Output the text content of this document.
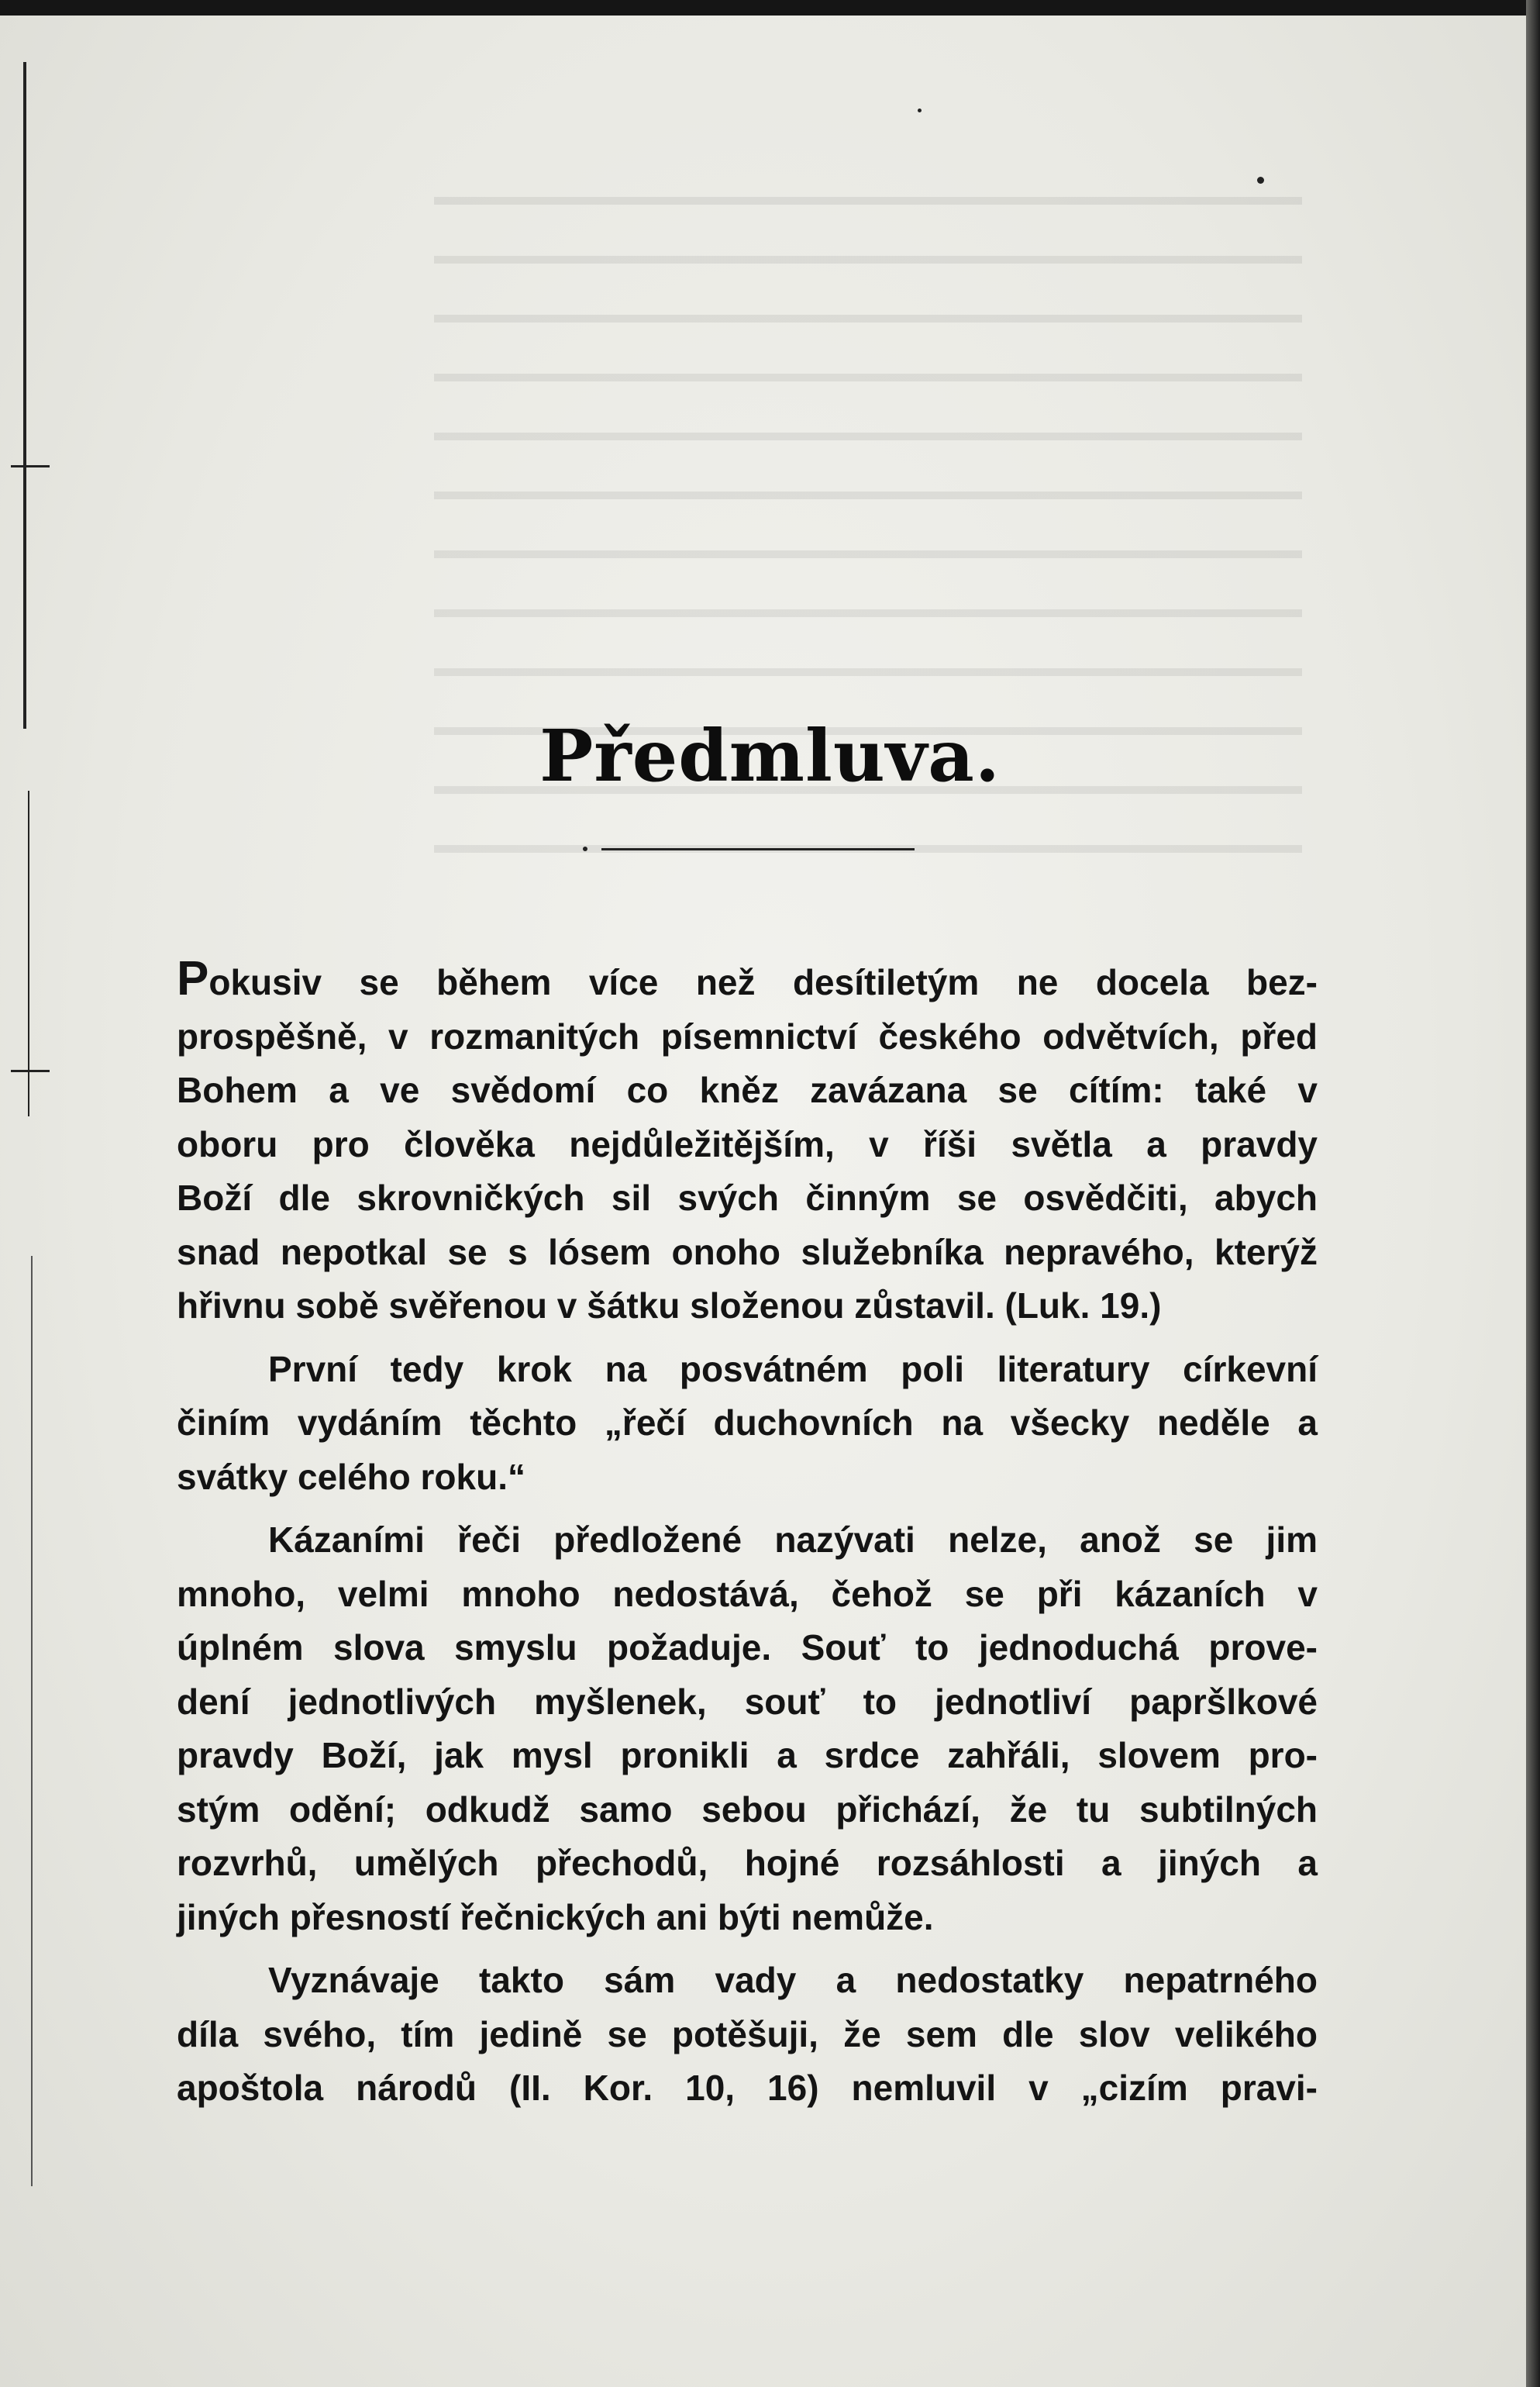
Předmluva.

Pokusiv se během více než desítiletým ne docela bez-

prospěšně, v rozmanitých písemnictví českého odvětvích, před

Bohem a ve svědomí co kněz zavázana se cítím: také v

oboru pro člověka nejdůležitějším, v říši světla a pravdy

Boží dle skrovničkých sil svých činným se osvědčiti, abych

snad nepotkal se s lósem onoho služebníka nepravého, kterýž

hřivnu sobě svěřenou v šátku složenou zůstavil. (Luk. 19.)

První tedy krok na posvátném poli literatury církevní

činím vydáním těchto „řečí duchovních na všecky neděle a

svátky celého roku.“

Kázaními řeči předložené nazývati nelze, anož se jim

mnoho, velmi mnoho nedostává, čehož se při kázaních v

úplném slova smyslu požaduje. Souť to jednoduchá prove-

dení jednotlivých myšlenek, souť to jednotliví papršlkové

pravdy Boží, jak mysl pronikli a srdce zahřáli, slovem pro-

stým odění; odkudž samo sebou přichází, že tu subtilných

rozvrhů, umělých přechodů, hojné rozsáhlosti a jiných a

jiných přesností řečnických ani býti nemůže.

Vyznávaje takto sám vady a nedostatky nepatrného

díla svého, tím jedině se potěšuji, že sem dle slov velikého

apoštola národů (II. Kor. 10, 16) nemluvil v „cizím pravi-
